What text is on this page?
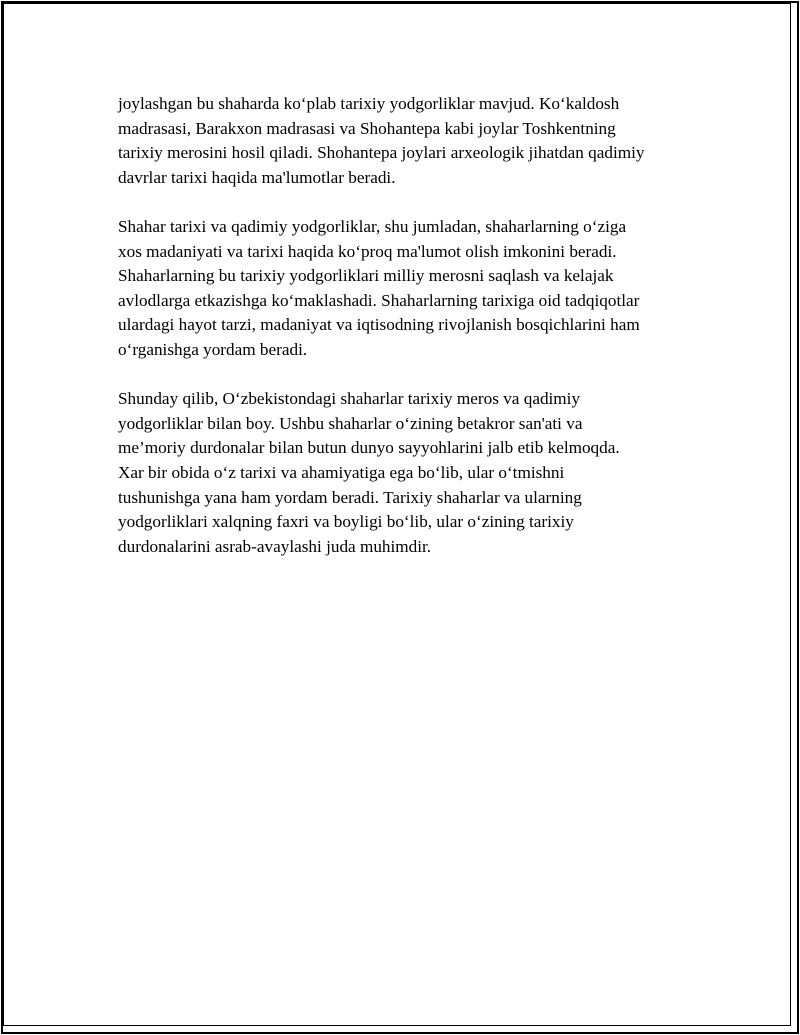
joylashgan bu shaharda ko‘plab tarixiy yodgorliklar mavjud. Ko‘kaldosh
madrasasi, Barakxon madrasasi va Shohantepa kabi joylar Toshkentning
tarixiy merosini hosil qiladi. Shohantepa joylari arxeologik jihatdan qadimiy
davrlar tarixi haqida ma'lumotlar beradi.

Shahar tarixi va qadimiy yodgorliklar, shu jumladan, shaharlarning o‘ziga
xos madaniyati va tarixi haqida ko‘proq ma'lumot olish imkonini beradi.
Shaharlarning bu tarixiy yodgorliklari milliy merosni saqlash va kelajak
avlodlarga etkazishga ko‘maklashadi. Shaharlarning tarixiga oid tadqiqotlar
ulardagi hayot tarzi, madaniyat va iqtisodning rivojlanish bosqichlarini ham
o‘rganishga yordam beradi.

Shunday qilib, O‘zbekistondagi shaharlar tarixiy meros va qadimiy
yodgorliklar bilan boy. Ushbu shaharlar o‘zining betakror san'ati va
me’moriy durdonalar bilan butun dunyo sayyohlarini jalb etib kelmoqda.
Xar bir obida o‘z tarixi va ahamiyatiga ega bo‘lib, ular o‘tmishni
tushunishga yana ham yordam beradi. Tarixiy shaharlar va ularning
yodgorliklari xalqning faxri va boyligi bo‘lib, ular o‘zining tarixiy
durdonalarini asrab-avaylashi juda muhimdir.
